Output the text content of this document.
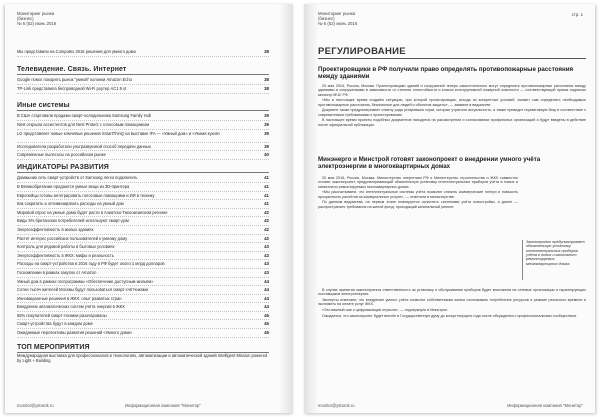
Мониторинг рынка
(бизнес)
№ 6 (52) июнь 2016
Мы представили на Computex 2016 решения для умного дома	38
Телевидение. Связь. Интернет
Google помог покорить рынок "умной" колонки Amazon Echo	38
TP-Link представила беспроводной Wi-Fi роутер AC1.9 xt	38
Иные системы
В США стартовали продажи смарт-холодильника Samsung Family Hub	39
Nest открыла ассистентов для Nest Protect с голосовым помощником	39
LG представляет новые ключевые решения SmartThinQ на выставке IFA — «Умный дом» и «Умная кухня»	39
Исследователи разработали ультразвуковой способ передачи данных	39
Современные пылесосы на российском рынке	40
ИНДИКАТОРЫ РАЗВИТИЯ
Домашних сеть смарт-устройств от Samsung легко подключить	41
В Великобритании продаются умные вещи из 3D-принтера	41
Европейцы готовы интегрировать голосовые помощники и ИИ в технику	41
Как сократить и оптимизировать расходы на умный дом	41
Мировой спрос на умные дома будет расти в Азиатско-Тихоокеанском регионе	42
Виды 5% британских потребителей используют смарт-дом	42
Энергоэффективность в жилых зданиях	42
Растет интерес российских пользователей к умному дому	42
Контроль для рядовой работы в бытовых условиях	43
Энергоэффективность в ЖКХ: мифы и реальность	43
Расходы на смарт-устройства в 2016 году в РФ будет около 1 млрд долларов	43
Госкомпании в рамках закупок от Amazon	43
Умный дом в рамках госпрограммы «Обеспечение доступным жильём»	44
Сотни тысяч жителей Москвы будут пользоваться смарт-счётчиками	44
Инновационные решения в ЖКХ: опыт развитых стран	44
Внедрение автоматических систем учёта энергии в ЖКХ	44
65% покупателей смарт-техники разочарованы	45
Смарт-устройства будут в каждом доме	45
Ожидаемые перспективы развития решений «Умного дома»	45
ТОП МЕРОПРИЯТИЯ
Международная выставка для профессионалов в технологиях, автоматизации и автоматической зданий Intelligent Mission powered by Light + Building
monitor@ystorok.ru	Информационная компания "Монитор"
Мониторинг рынка
(бизнес)
№ 6 (52) июнь 2016
стр. 1
РЕГУЛИРОВАНИЕ
Проектировщики в РФ получили право определять противопожарные расстояния между зданиями

20 мая 2016, Россия, Москва. Проектировщики зданий и сооружений теперь самостоятельно могут определять противопожарные расстояния между зданиями и сооружениями в зависимости от степени огнестойкости и класса конструктивной пожарной опасности — соответствующий приказ подписал министр МЧС РФ.

«Мы в настоящее время создаём ситуацию, при которой проектировщик, исходя из конкретных условий, сможет сам определить необходимые противопожарные расстояния, безопасные для людей и объектов защиты», — заявили в ведомстве.

Документ также предусматривает отмену ряда устаревших норм, которые утратили актуальность, а также приводит нормативную базу в соответствие с современными требованиями к проектированию.

В настоящее время проекты подобных документов находятся на рассмотрении и согласовании профильных организаций и будут введены в действие после официальной публикации.

Минэнерго и Минстрой готовят законопроект о внедрении умного учёта электроэнергии в многоквартирных домах

20 мая 2016, Россия, Москва. Министерство энергетики РФ и Министерство строительства и ЖКХ совместно готовят законопроект, предусматривающий обязательную установку интеллектуальных приборов учёта в новых и капитально ремонтируемых многоквартирных домах.

«Мы рассчитываем, что интеллектуальные системы учёта позволят снизить коммерческие потери и повысить прозрачность расчётов за коммунальные услуги», — отметили в министерстве.

По данным ведомства, на первом этапе планируется оснастить системами учёта новостройки, а далее — распространить требования на жилой фонд, проходящий капитальный ремонт.

Законопроект предусматривает обязательную установку интеллектуальных приборов учёта в новых и капитально ремонтируемых многоквартирных домах.

В случае принятия законопроекта ответственность за установку и обслуживание приборов будет возложена на сетевые организации и гарантирующих поставщиков электроэнергии.

Эксперты отмечают, что внедрение умного учёта позволит собственникам жилья отслеживать потребление ресурсов в режиме реального времени и экономить на оплате услуг ЖКХ.

«Это важный шаг к цифровизации отрасли», — подчеркнули в Минстрое.

Ожидается, что законопроект будет внесён в Государственную думу до конца текущего года после обсуждения с профессиональным сообществом.

monitor@ystorok.ru	Информационная компания "Монитор"
